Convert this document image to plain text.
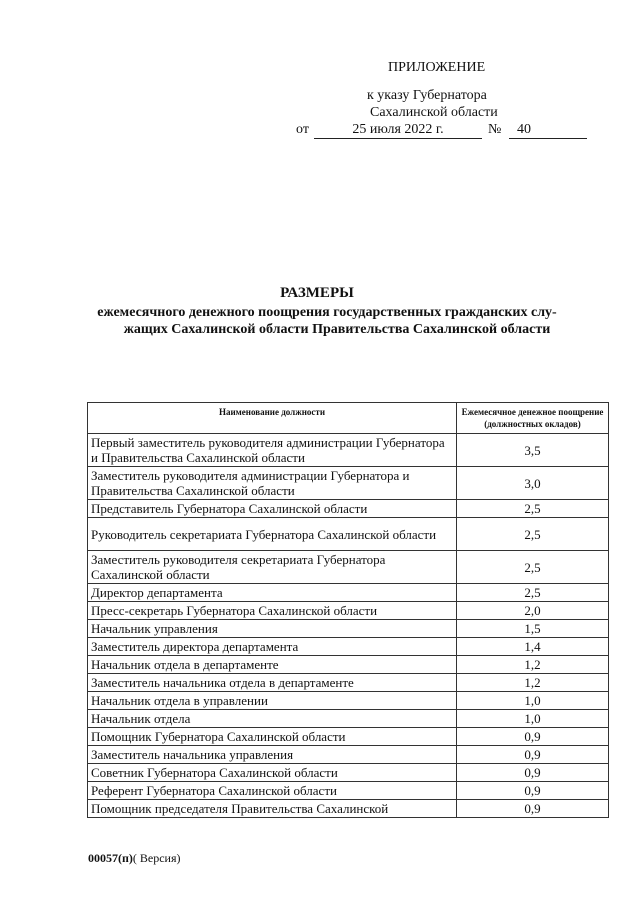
ПРИЛОЖЕНИЕ
к указу Губернатора
Сахалинской области
от	25 июля 2022 г.	№	40
РАЗМЕРЫ
ежемесячного денежного поощрения государственных гражданских слу-
жащих Сахалинской области Правительства Сахалинской области
Наименование должности	Ежемесячное денежное поощрение (должностных окладов)
Первый заместитель руководителя администрации Губернатора и Правительства Сахалинской области	3,5
Заместитель руководителя администрации Губернатора и Правительства Сахалинской области	3,0
Представитель Губернатора Сахалинской области	2,5
Руководитель секретариата Губернатора Сахалинской области	2,5
Заместитель руководителя секретариата Губернатора Сахалинской области	2,5
Директор департамента	2,5
Пресс-секретарь Губернатора Сахалинской области	2,0
Начальник управления	1,5
Заместитель директора департамента	1,4
Начальник отдела в департаменте	1,2
Заместитель начальника отдела в департаменте	1,2
Начальник отдела в управлении	1,0
Начальник отдела	1,0
Помощник Губернатора Сахалинской области	0,9
Заместитель начальника управления	0,9
Советник Губернатора Сахалинской области	0,9
Референт Губернатора Сахалинской области	0,9

Помощник председателя Правительства Сахалинской	0,9
00057(п)( Версия)
